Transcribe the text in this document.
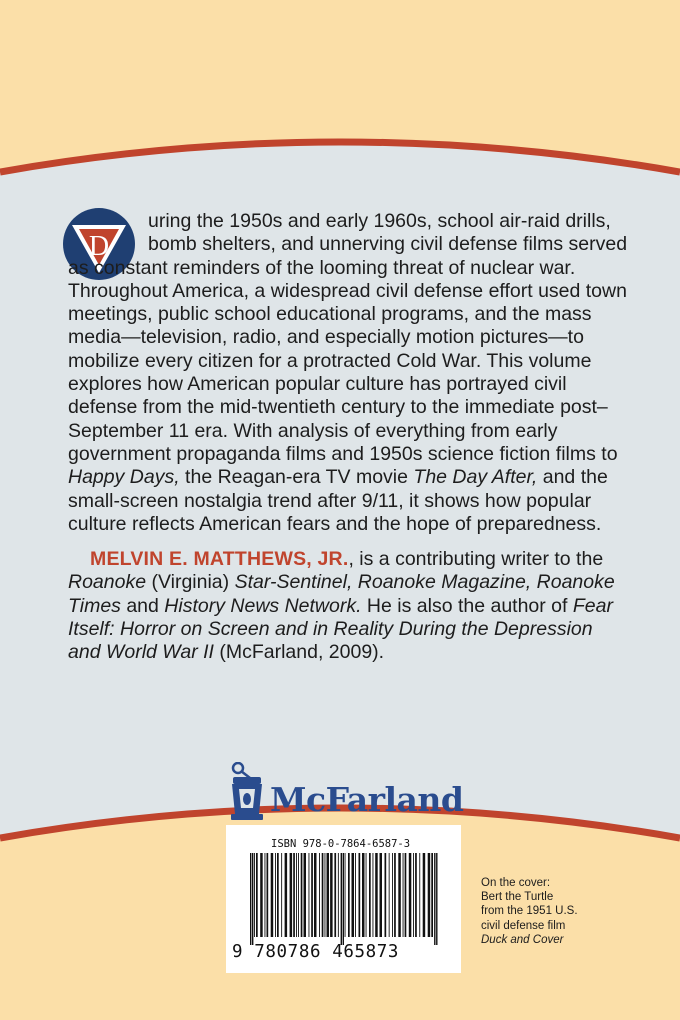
D

uring the 1950s and early 1960s, school air-raid drills,
bomb shelters, and unnerving civil defense films served
as constant reminders of the looming threat of nuclear war. Throughout America, a widespread civil defense effort used town meetings, public school educational programs, and the mass media—television, radio, and especially motion pictures—to mobilize every citizen for a protracted Cold War. This volume explores how American popular culture has portrayed civil defense from the mid-twentieth century to the immediate post–September 11 era. With analysis of everything from early government propaganda films and 1950s science fiction films to Happy Days, the Reagan-era TV movie The Day After, and the small-screen nostalgia trend after 9/11, it shows how popular culture reflects American fears and the hope of preparedness.

MELVIN E. MATTHEWS, JR., is a contributing writer to the Roanoke (Virginia) Star-Sentinel, Roanoke Magazine, Roanoke Times and History News Network. He is also the author of Fear Itself: Horror on Screen and in Reality During the Depression and World War II (McFarland, 2009).

McFarland
ISBN 978-0-7864-6587-3
9 780786 465873
On the cover:
Bert the Turtle
from the 1951 U.S.
civil defense film
Duck and Cover
